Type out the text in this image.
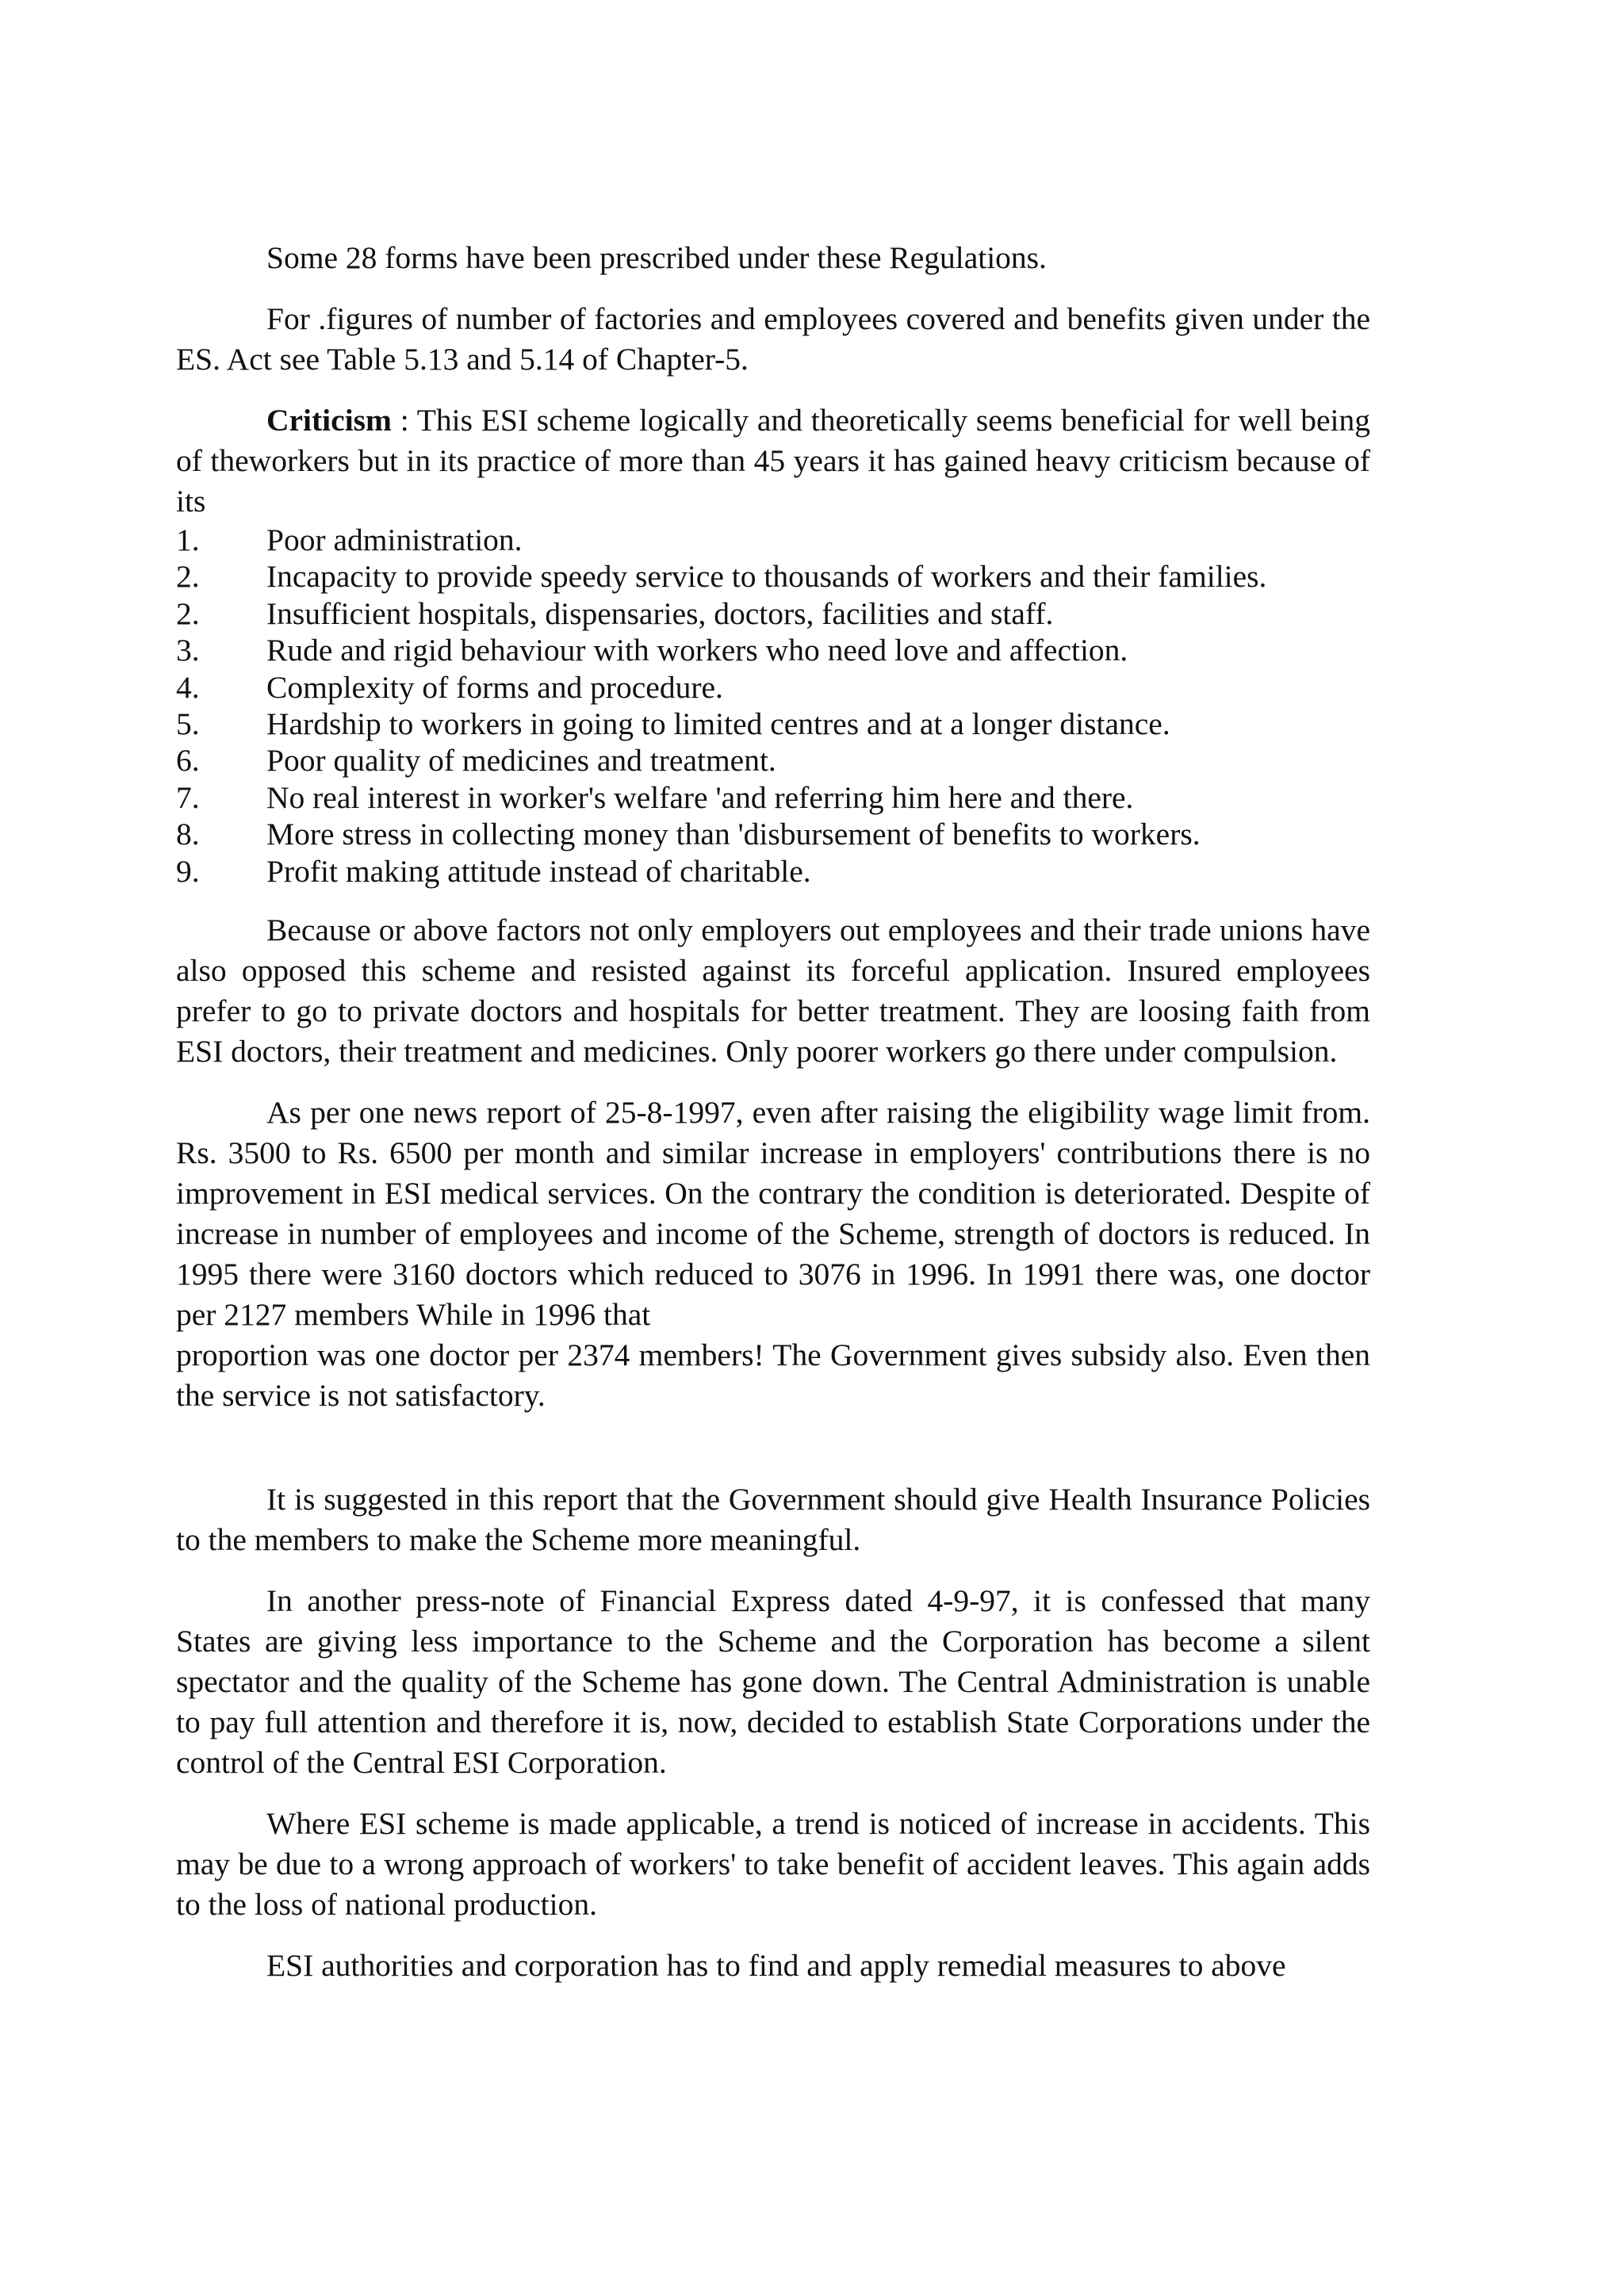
Some 28 forms have been prescribed under these Regulations.

For .figures of number of factories and employees covered and benefits given under the ES. Act see Table 5.13 and 5.14 of Chapter-5.

Criticism : This ESI scheme logically and theoretically seems beneficial for well being of theworkers but in its practice of more than 45 years it has gained heavy criticism because of its

1.	Poor administration.
2.	Incapacity to provide speedy service to thousands of workers and their families.
2.	Insufficient hospitals, dispensaries, doctors, facilities and staff.
3.	Rude and rigid behaviour with workers who need love and affection.
4.	Complexity of forms and procedure.
5.	Hardship to workers in going to limited centres and at a longer distance.
6.	Poor quality of medicines and treatment.
7.	No real interest in worker's welfare 'and referring him here and there.
8.	More stress in collecting money than 'disbursement of benefits to workers.
9.	Profit making attitude instead of charitable.

Because or above factors not only employers out employees and their trade unions have also opposed this scheme and resisted against its forceful application. Insured employees prefer to go to private doctors and hospitals for better treatment. They are loosing faith from ESI doctors, their treatment and medicines. Only poorer workers go there under compulsion.

As per one news report of 25-8-1997, even after raising the eligibility wage limit from. Rs. 3500 to Rs. 6500 per month and similar increase in employers' contributions there is no improvement in ESI medical services. On the contrary the condition is deteriorated. Despite of increase in number of employees and income of the Scheme, strength of doctors is reduced. In 1995 there were 3160 doctors which reduced to 3076 in 1996. In 1991 there was, one doctor per 2127 members While in 1996 that

proportion was one doctor per 2374 members! The Government gives subsidy also. Even then the service is not satisfactory.

It is suggested in this report that the Government should give Health Insurance Policies to the members to make the Scheme more meaningful.

In another press-note of Financial Express dated 4-9-97, it is confessed that many States are giving less importance to the Scheme and the Corporation has become a silent spectator and the quality of the Scheme has gone down. The Central Administration is unable to pay full attention and therefore it is, now, decided to establish State Corporations under the control of the Central ESI Corporation.

Where ESI scheme is made applicable, a trend is noticed of increase in accidents. This may be due to a wrong approach of workers' to take benefit of accident leaves. This again adds to the loss of national production.

ESI authorities and corporation has to find and apply remedial measures to above
